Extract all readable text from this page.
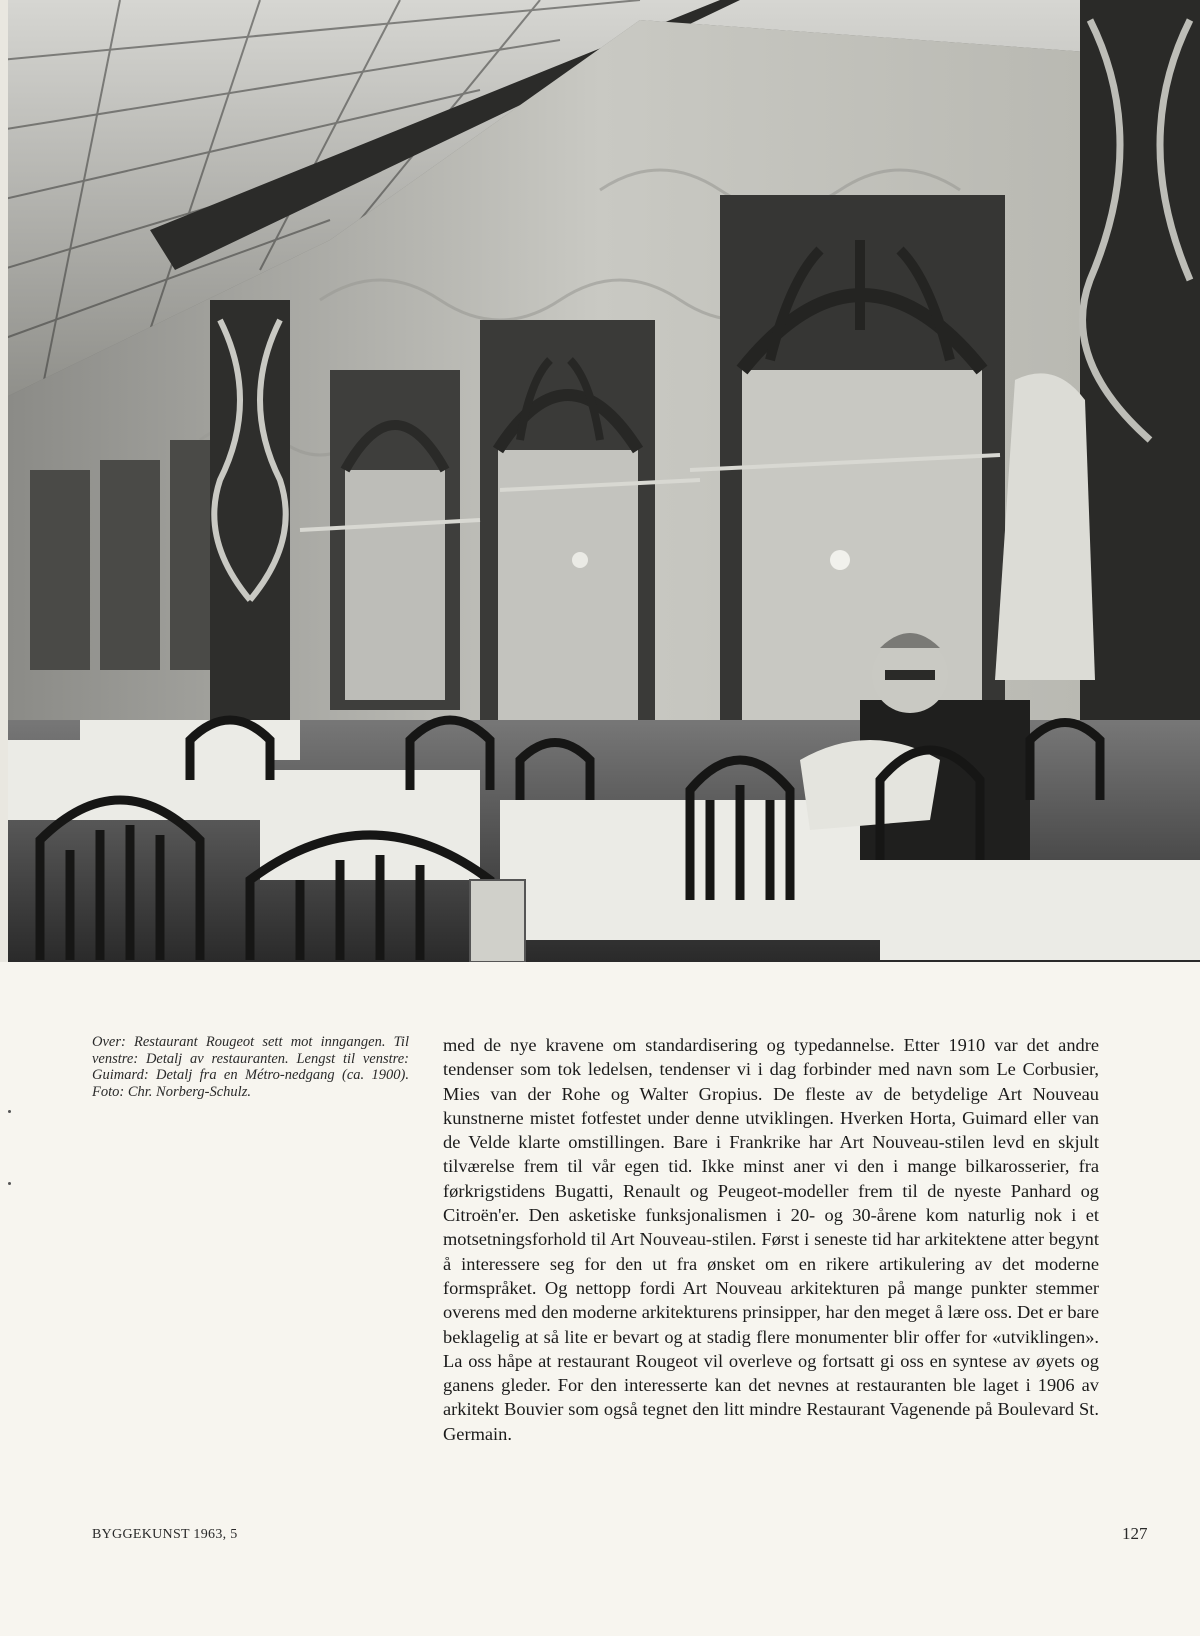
Over: Restaurant Rougeot sett mot inngangen. Til venstre: Detalj av restauranten. Lengst til venstre: Guimard: Detalj fra en Métro-nedgang (ca. 1900). Foto: Chr. Norberg-Schulz.

med de nye kravene om standardisering og typedannelse. Etter 1910 var det andre tendenser som tok ledelsen, tendenser vi i dag forbinder med navn som Le Corbusier, Mies van der Rohe og Walter Gropius. De fleste av de betydelige Art Nouveau kunstnerne mistet fotfestet under denne utviklingen. Hverken Horta, Guimard eller van de Velde klarte omstillingen. Bare i Frankrike har Art Nouveau-stilen levd en skjult tilværelse frem til vår egen tid. Ikke minst aner vi den i mange bilkarosserier, fra førkrigstidens Bugatti, Renault og Peugeot-modeller frem til de nyeste Panhard og Citroën'er. Den asketiske funksjonalismen i 20- og 30-årene kom naturlig nok i et motsetningsforhold til Art Nouveau-stilen. Først i seneste tid har arkitektene atter begynt å interessere seg for den ut fra ønsket om en rikere artikulering av det moderne formspråket. Og nettopp fordi Art Nouveau arkitekturen på mange punkter stemmer overens med den moderne arkitekturens prinsipper, har den meget å lære oss. Det er bare beklagelig at så lite er bevart og at stadig flere monumenter blir offer for «utviklingen». La oss håpe at restaurant Rougeot vil overleve og fortsatt gi oss en syntese av øyets og ganens gleder. For den interesserte kan det nevnes at restauranten ble laget i 1906 av arkitekt Bouvier som også tegnet den litt mindre Restaurant Vagenende på Boulevard St. Germain.

BYGGEKUNST 1963, 5	127
